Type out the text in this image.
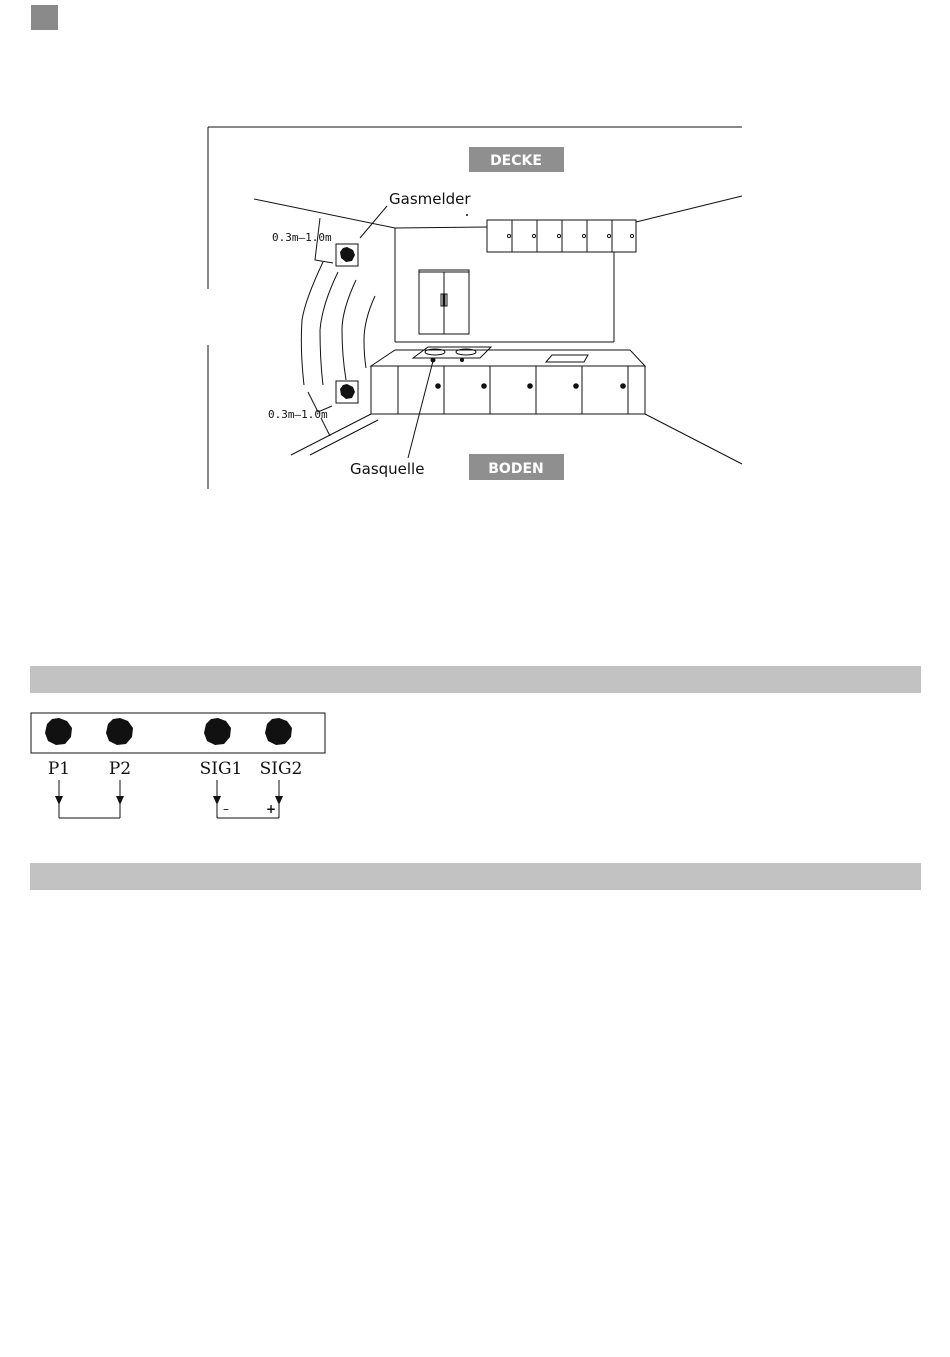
DECKE
BODEN
Gasmelder
Gasquelle
0.3m—1.0m
0.3m—1.0m
P1 P2	SIG1 SIG2
–	+
